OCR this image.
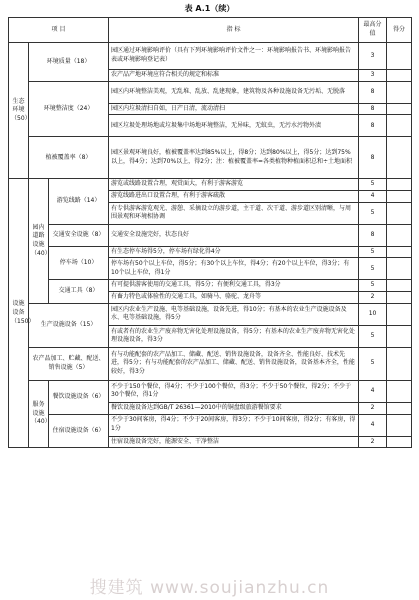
表 A.1（续）
项 目			指 标	最高分值	得分
生态环境（50）	环境质量（18）		园区通过环境影响评价（具有下列环境影响评价文件之一：环境影响报告书、环境影响报告表或环境影响登记表）	3	
			农产品产地环境应符合相关的规定和标准	3	
	环境整洁度（24）		园区内环境整洁美观，无乱堆、乱放、乱建现象，建筑物及各种设施设备无污垢、无脱落	8	
			园区内垃圾清扫自如，日产日清，流动清扫	8	
			园区垃圾处理场地或垃圾集中场地环境整洁，无异味，无蚊虫，无污水污物外渍	8	
	植被覆盖率（8）		园区景观环境良好，植被覆盖率达到85%以上，得8分；达到80%以上，得5分；达到75%以上，得4分；达到70%以上，得2分；注：植被覆盖率=各类植物种植面积总和÷土地面积	8	
设施设备（150）	园内道路设施（40）	游览线路（14）	游览或线路设置合理，观赏面大，有利于游客游览	5	
			游览线路进出口设置合理，有利于游客疏散	4	
			有专供游客游览观光、游憩、采摘设立的游步道，主干道、次干道、游步道区别清晰，与周围景观和环境相协调	5	
		交通安全设施（8）	交通安全设施完好，状态良好	8	
		停车场（10）	有生态停车场得5分，停车场有绿化得4分	5	
			停车场有50个以上车位，得5分；有30个以上车位，得4分；有20个以上车位，得3分；有10个以上车位，得1分	5	
		交通工具（8）	有可提供游客使用的交通工具，得5分；有便利交通工具，得3分	5	
			有畜力特色或体验性的交通工具，如骑马、骆驼、龙舟等	2	
	生产设施设备（15）		园区内农业生产设施、电等基础设施，设备先进，得10分；有基本的农业生产设施设备及水、电等基础设施，得5分	10	
			有或者有的农业生产废弃物无害化处理设施设备，得5分；有基本的农业生产废弃物无害化处理设施设备，得3分	5	
	农产品加工、贮藏、配送、销售设施（5）		有与功能配套的农产品加工、储藏、配送、销售设施设备，设备齐全、性能良好、技术先进，得5分；有与功能配套的农产品加工、储藏、配送、销售设施设备，设备基本齐全，性能较好，得3分	5	
	服务设施（40）	餐饮设施设备（6）	不少于150个餐位，得4分；不少于100个餐位，得3分；不少于50个餐位，得2分；不少于30个餐位，得1分	4	
			餐饮设施设备达到GB/T 26361—2010中的铜盘级旅游餐馆要求	2	
		住宿设施设备（6）	不少于30间客房，得4分；不少于20间客房，得3分；不少于10间客房，得2分；有客房，得1分	4	
			住宿设施设备完好，能源安全、干净整洁	2	
搜建筑 www.soujianzhu.cn
